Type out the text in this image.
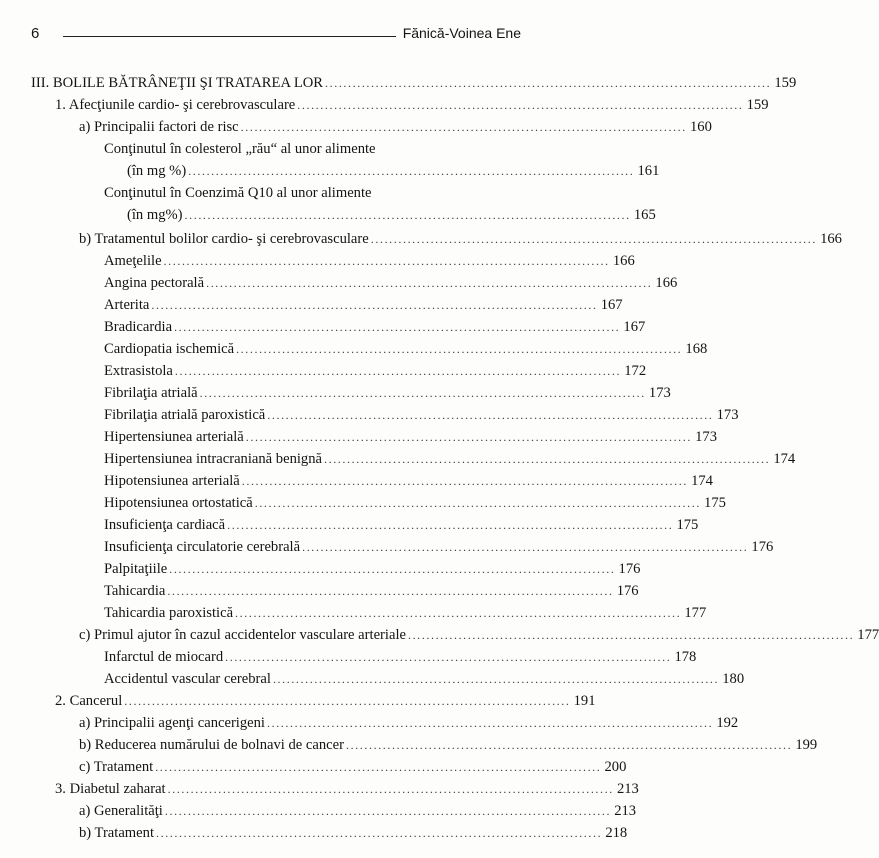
6	Fănică-Voinea Ene
III. BOLILE BĂTRÂNEŢII ŞI TRATAREA LOR ................................................................................................. 159
1. Afecţiunile cardio- şi cerebrovasculare ................................................................................................. 159
a) Principalii factori de risc ................................................................................................. 160
Conţinutul în colesterol „rău“ al unor alimente
(în mg %) ................................................................................................. 161
Conţinutul în Coenzimă Q10 al unor alimente
(în mg%) ................................................................................................. 165
b) Tratamentul bolilor cardio- şi cerebrovasculare ................................................................................................. 166
Ameţelile ................................................................................................. 166
Angina pectorală ................................................................................................. 166
Arterita ................................................................................................. 167
Bradicardia ................................................................................................. 167
Cardiopatia ischemică ................................................................................................. 168
Extrasistola ................................................................................................. 172
Fibrilaţia atrială ................................................................................................. 173
Fibrilaţia atrială paroxistică ................................................................................................. 173
Hipertensiunea arterială ................................................................................................. 173
Hipertensiunea intracraniană benignă ................................................................................................. 174
Hipotensiunea arterială ................................................................................................. 174
Hipotensiunea ortostatică ................................................................................................. 175
Insuficienţa cardiacă ................................................................................................. 175
Insuficienţa circulatorie cerebrală ................................................................................................. 176
Palpitaţiile ................................................................................................. 176
Tahicardia ................................................................................................. 176
Tahicardia paroxistică ................................................................................................. 177
c) Primul ajutor în cazul accidentelor vasculare arteriale ................................................................................................. 177
Infarctul de miocard ................................................................................................. 178
Accidentul vascular cerebral ................................................................................................. 180
2. Cancerul ................................................................................................. 191
a) Principalii agenţi cancerigeni ................................................................................................. 192
b) Reducerea numărului de bolnavi de cancer ................................................................................................. 199
c) Tratament ................................................................................................. 200
3. Diabetul zaharat ................................................................................................. 213
a) Generalităţi ................................................................................................. 213
b) Tratament ................................................................................................. 218
